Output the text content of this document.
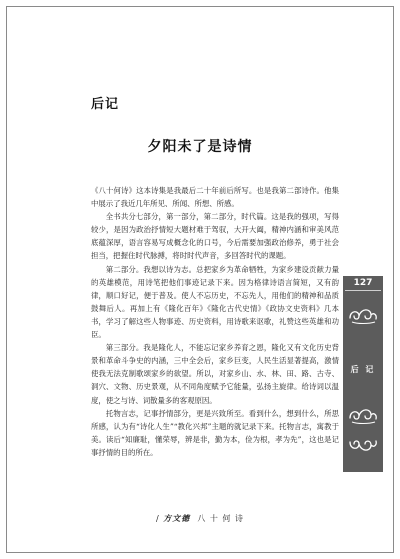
后记
夕阳未了是诗情

《八十何诗》这本诗集是我最后二十年前后所写。也是我第二部诗作。他集中展示了我近几年所见、所闻、所想、所感。

全书共分七部分，第一部分，第二部分，时代篇。这是我的强项，写得较少，是因为政治抒情短大题材难于驾驭，大开大阖，精神内涵和审美风范底蕴深厚，语言容易写成概念化的口号，今后需要加强政治修养，勇于社会担当，把握住时代脉搏，将时时代声音，多回答时代的课题。

第二部分。我想以诗为志。总把家乡为革命牺牲，为家乡建设贡献力量的英雄模范，用诗笔把他们事迹记录下来。因为格律诗语言简短，又有韵律，顺口好记，便于普及。使人不忘历史，不忘先人，用他们的精神和品质鼓舞后人。再加上有《隆化百年》《隆化古代史情》《政协文史资料》几本书，学习了解这些人物事迹、历史资料，用诗歌来讴歌，礼赞这些英雄和功臣。

第三部分。我是隆化人，不能忘记家乡养育之恩，隆化又有文化历史背景和革命斗争史的内涵，三中全会后，家乡巨变，人民生活显著提高，激情使我无法克制歌颂家乡的欲望。所以，对家乡山、水、林、田、路、古寺、洞穴、文物、历史景观，从不同角度赋予它能量，弘扬主旋律。给诗词以温度，使之与诗、词散量多的客观原因。

托物言志，记事抒情部分，更是兴致所至。看到什么，想到什么，所思所感，认为有“诗化人生”“教化兴邦”主题的就记录下来。托物言志，寓教于美。读后“知廉耻，懂荣辱，辨是非，勤为本，俭为根，孝为先”，这也是记事抒情的目的所在。

127
后 记
/ 方文德 八 十 何 诗
